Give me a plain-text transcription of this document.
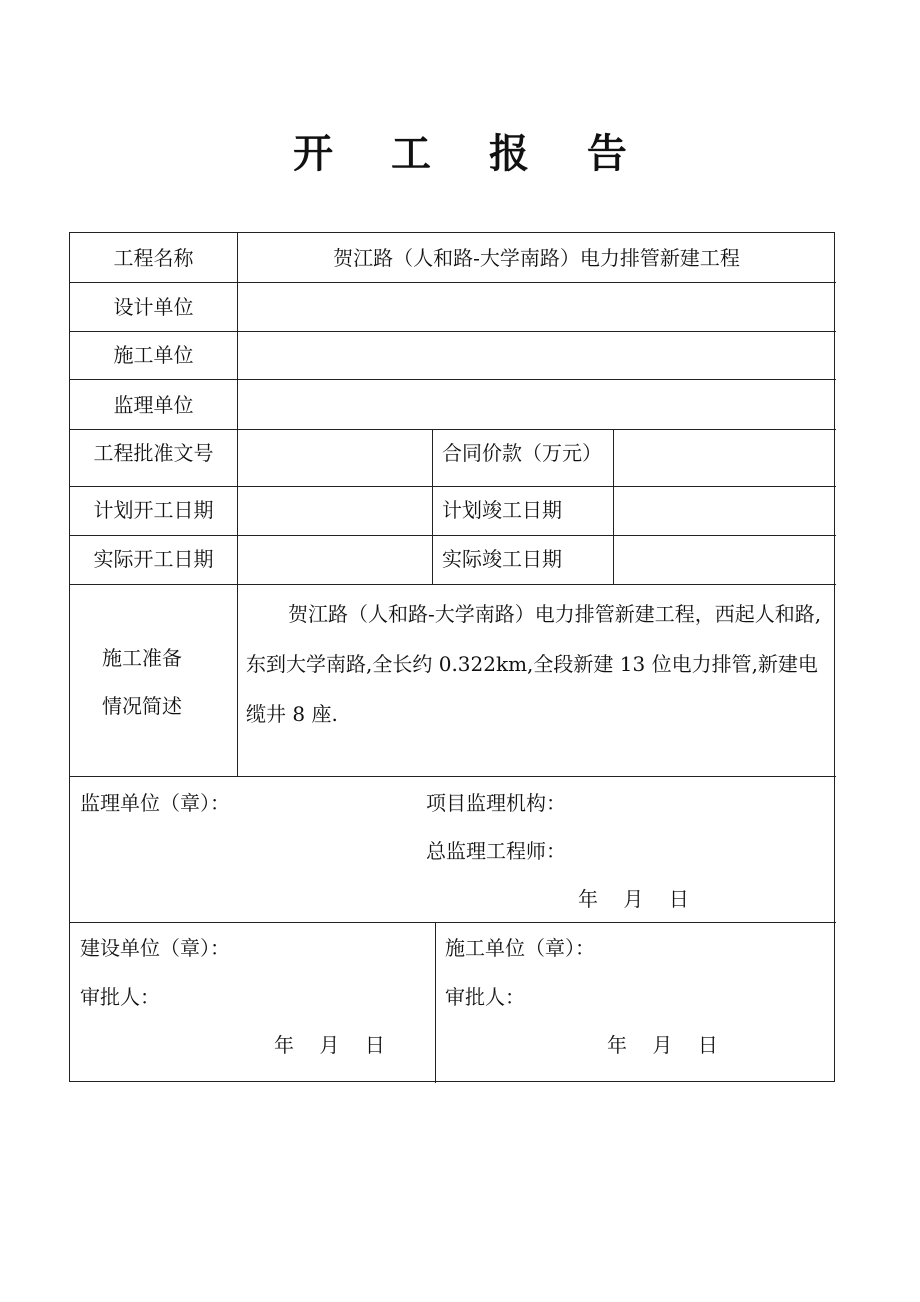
开 工 报 告
工程名称	贺江路（人和路-大学南路）电力排管新建工程
设计单位
施工单位
监理单位
工程批准文号	合同价款（万元）
计划开工日期	计划竣工日期
实际开工日期	实际竣工日期
施工准备
情况简述
贺江路（人和路-大学南路）电力排管新建工程，西起人和路,东到大学南路,全长约 0.322km,全段新建 13 位电力排管,新建电缆井 8 座.
监理单位（章）：	项目监理机构：
总监理工程师：
年    月    日
建设单位（章）：
审批人：
年    月    日
施工单位（章）：
审批人：
年    月    日
